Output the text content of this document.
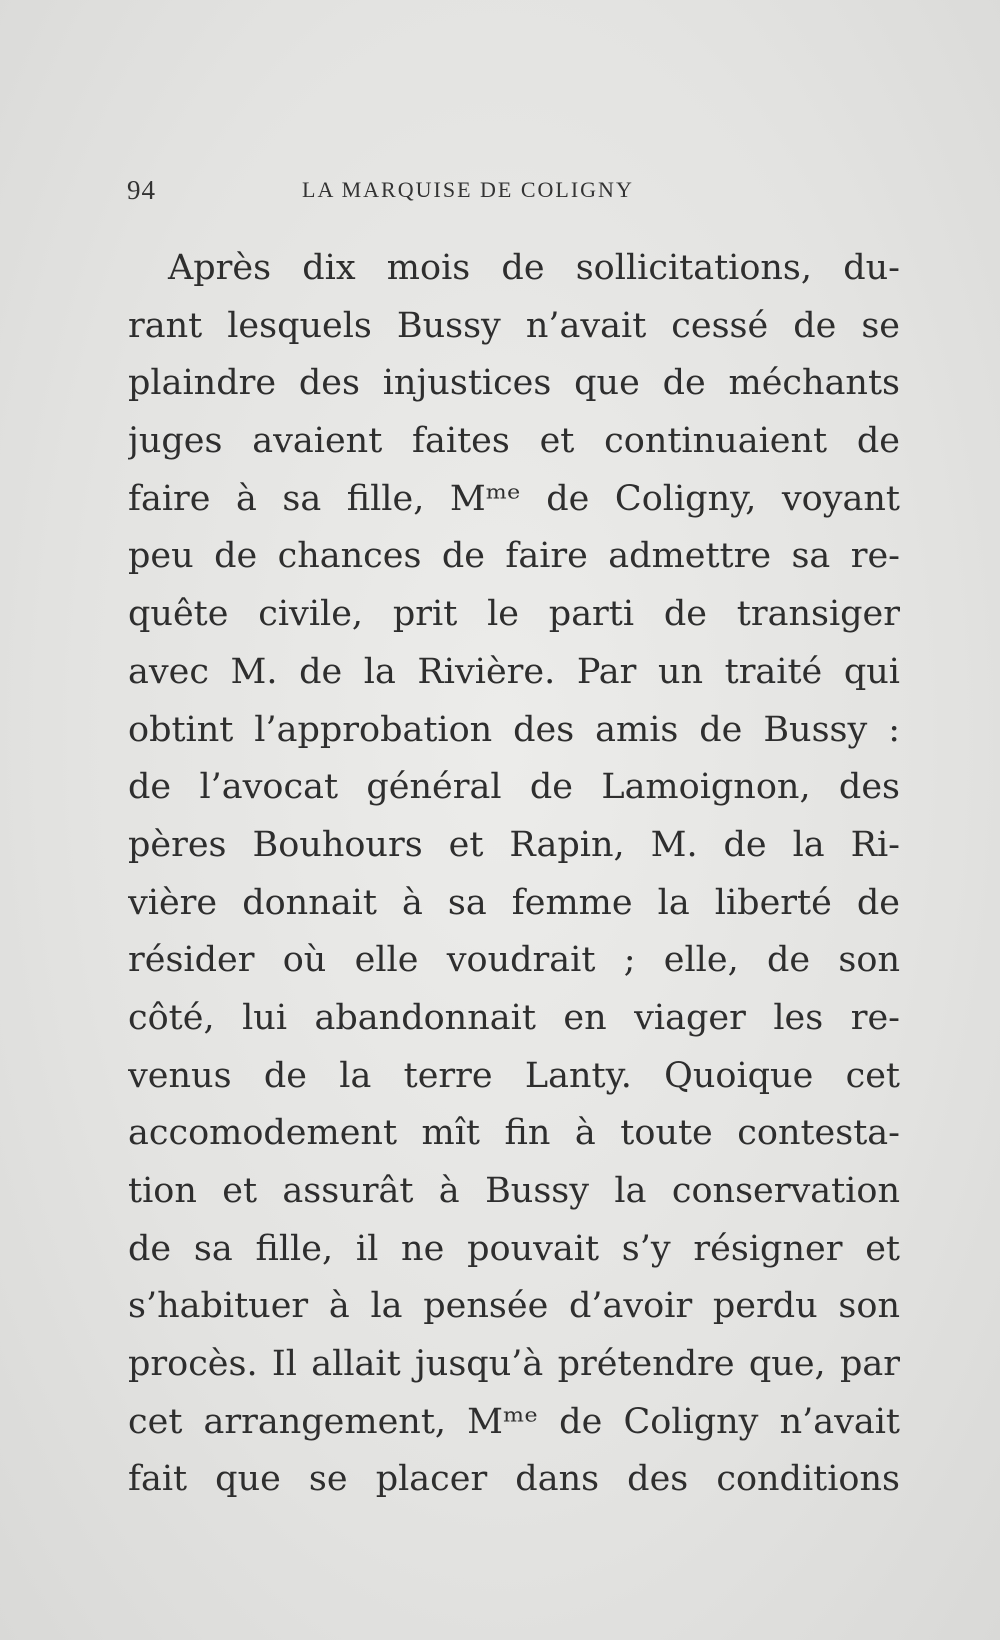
94	LA MARQUISE DE COLIGNY
Après dix mois de sollicitations, du-
rant lesquels Bussy n’avait cessé de se
plaindre des injustices que de méchants
juges avaient faites et continuaient de
faire à sa fille, Mᵐᵉ de Coligny, voyant
peu de chances de faire admettre sa re-
quête civile, prit le parti de transiger
avec M. de la Rivière. Par un traité qui
obtint l’approbation des amis de Bussy :
de l’avocat général de Lamoignon, des
pères Bouhours et Rapin, M. de la Ri-
vière donnait à sa femme la liberté de
résider où elle voudrait ; elle, de son
côté, lui abandonnait en viager les re-
venus de la terre Lanty. Quoique cet
accomodement mît fin à toute contesta-
tion et assurât à Bussy la conservation
de sa fille, il ne pouvait s’y résigner et
s’habituer à la pensée d’avoir perdu son
procès. Il allait jusqu’à prétendre que, par
cet arrangement, Mᵐᵉ de Coligny n’avait
fait que se placer dans des conditions
